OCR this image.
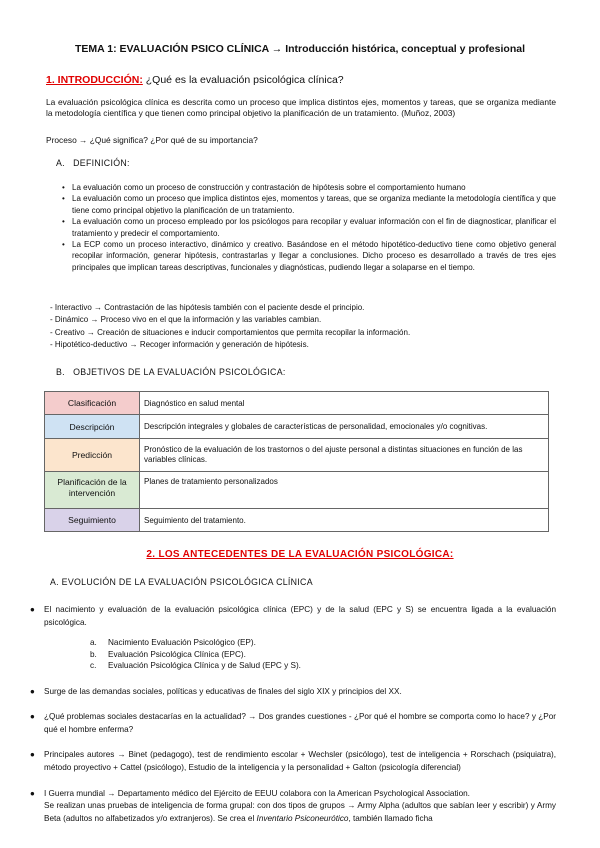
TEMA 1: EVALUACIÓN PSICO CLÍNICA → Introducción histórica, conceptual y profesional
1. INTRODUCCIÓN: ¿Qué es la evaluación psicológica clínica?
La evaluación psicológica clínica es descrita como un proceso que implica distintos ejes, momentos y tareas, que se organiza mediante la metodología científica y que tienen como principal objetivo la planificación de un tratamiento. (Muñoz, 2003)
Proceso → ¿Qué significa? ¿Por qué de su importancia?
A. DEFINICIÓN:
• La evaluación como un proceso de construcción y contrastación de hipótesis sobre el comportamiento humano
• La evaluación como un proceso que implica distintos ejes, momentos y tareas, que se organiza mediante la metodología científica y que tiene como principal objetivo la planificación de un tratamiento.
• La evaluación como un proceso empleado por los psicólogos para recopilar y evaluar información con el fin de diagnosticar, planificar el tratamiento y predecir el comportamiento.
• La ECP como un proceso interactivo, dinámico y creativo. Basándose en el método hipotético-deductivo tiene como objetivo general recopilar información, generar hipótesis, contrastarlas y llegar a conclusiones. Dicho proceso es desarrollado a través de tres ejes principales que implican tareas descriptivas, funcionales y diagnósticas, pudiendo llegar a solaparse en el tiempo.
- Interactivo → Contrastación de las hipótesis también con el paciente desde el principio.
- Dinámico → Proceso vivo en el que la información y las variables cambian.
- Creativo → Creación de situaciones e inducir comportamientos que permita recopilar la información.
- Hipotético-deductivo → Recoger información y generación de hipótesis.
B. OBJETIVOS DE LA EVALUACIÓN PSICOLÓGICA:
Clasificación	Diagnóstico en salud mental
Descripción	Descripción integrales y globales de características de personalidad, emocionales y/o cognitivas.
Predicción	Pronóstico de la evaluación de los trastornos o del ajuste personal a distintas situaciones en función de las variables clínicas.
Planificación de la intervención	Planes de tratamiento personalizados
Seguimiento	Seguimiento del tratamiento.
2. LOS ANTECEDENTES DE LA EVALUACIÓN PSICOLÓGICA:
A. EVOLUCIÓN DE LA EVALUACIÓN PSICOLÓGICA CLÍNICA
● El nacimiento y evaluación de la evaluación psicológica clínica (EPC) y de la salud (EPC y S) se encuentra ligada a la evaluación psicológica.
a. Nacimiento Evaluación Psicológico (EP).
b. Evaluación Psicológica Clínica (EPC).
c. Evaluación Psicológica Clínica y de Salud (EPC y S).
● Surge de las demandas sociales, políticas y educativas de finales del siglo XIX y principios del XX.
● ¿Qué problemas sociales destacarías en la actualidad? → Dos grandes cuestiones - ¿Por qué el hombre se comporta como lo hace? y ¿Por qué el hombre enferma?
● Principales autores → Binet (pedagogo), test de rendimiento escolar + Wechsler (psicólogo), test de inteligencia + Rorschach (psiquiatra), método proyectivo + Cattel (psicólogo), Estudio de la inteligencia y la personalidad + Galton (psicología diferencial)
● I Guerra mundial → Departamento médico del Ejército de EEUU colabora con la American Psychological Association.
Se realizan unas pruebas de inteligencia de forma grupal: con dos tipos de grupos → Army Alpha (adultos que sabían leer y escribir) y Army Beta (adultos no alfabetizados y/o extranjeros). Se crea el Inventario Psiconeurótico, también llamado ficha
